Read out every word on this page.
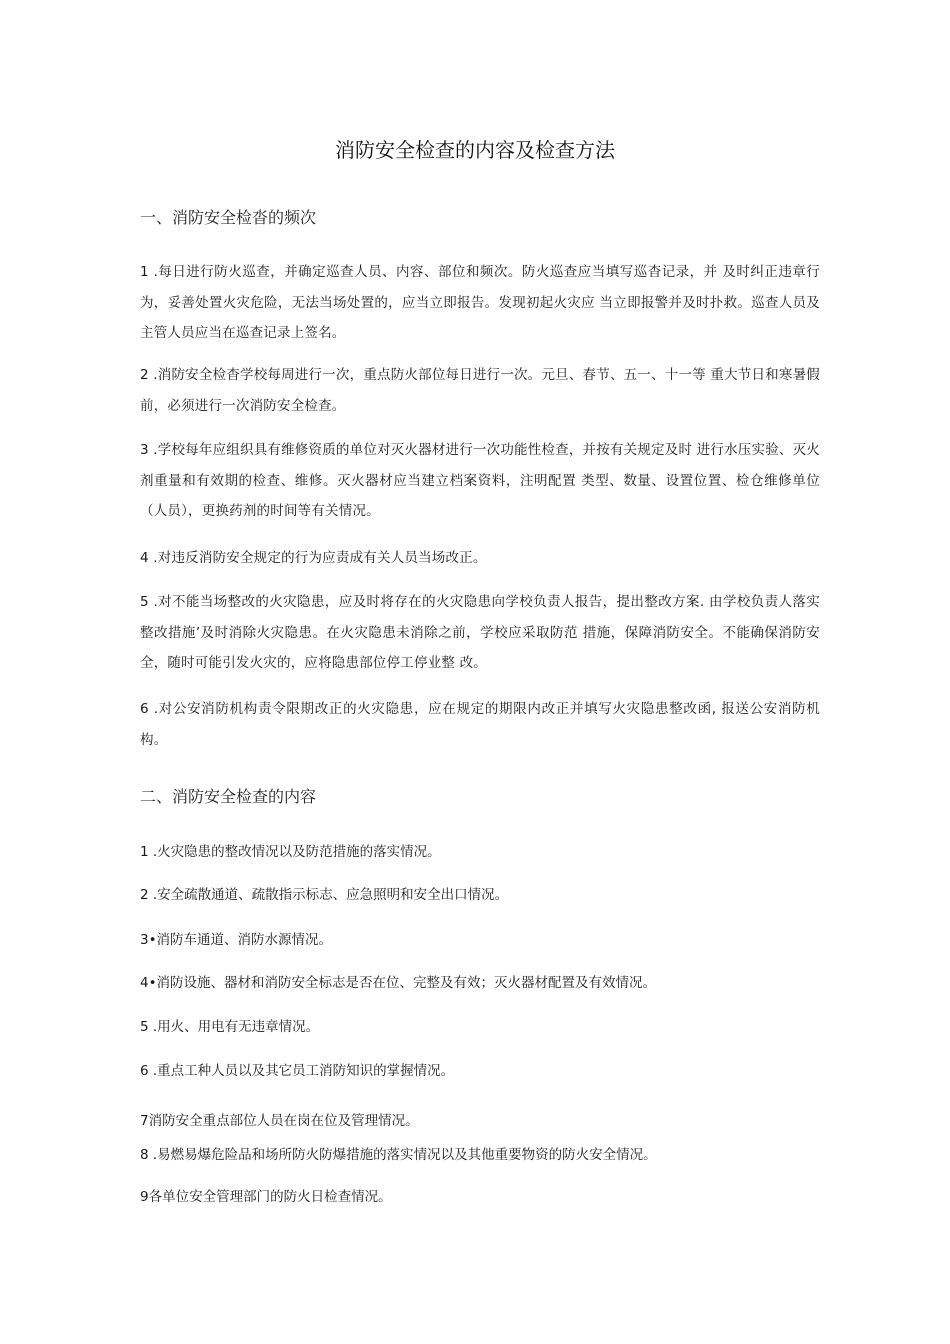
消防安全检查的内容及检查方法
一、消防安全检沓的频次
1 .每日进行防火巡查，并确定巡查人员、内容、部位和频次。防火巡查应当填写巡杳记录，并 及时纠正违章行为，妥善处置火灾危险，无法当场处置的，应当立即报告。发现初起火灾应 当立即报警并及时扑救。巡查人员及主管人员应当在巡查记录上签名。
2 .消防安全检杳学校每周进行一次，重点防火部位每日进行一次。元旦、春节、五一、十一等 重大节日和寒暑假前，必须进行一次消防安全检查。
3 .学校每年应组织具有维修资质的单位对灭火器材进行一次功能性检查，并按有关规定及时 进行水压实验、灭火剂重量和有效期的检查、维修。灭火器材应当建立档案资料，注明配置 类型、数量、设置位置、检仓维修单位（人员），更换药剂的时间等有关情况。
4 .对违反消防安全规定的行为应责成有关人员当场改正。
5 .对不能当场整改的火灾隐患，应及时将存在的火灾隐患向学校负责人报告，提出整改方案. 由学校负责人落实整改措施’及时消除火灾隐患。在火灾隐患未消除之前，学校应采取防范 措施，保障消防安全。不能确保消防安全，随时可能引发火灾的，应将隐患部位停工停业整 改。
6 .对公安消防机构责令限期改正的火灾隐患，应在规定的期限内改正并填写火灾隐患整改函, 报送公安消防机构。
二、消防安全检查的内容
1 .火灾隐患的整改情况以及防范措施的落实情况。
2 .安全疏散通道、疏散指示标志、应急照明和安全出口情况。
3•消防车通道、消防水源情况。
4•消防设施、器材和消防安全标志是否在位、完整及有效；灭火器材配置及有效情况。
5 .用火、用电有无违章情况。
6 .重点工种人员以及其它员工消防知识的掌握情况。
7消防安全重点部位人员在岗在位及管理情况。
8 .易燃易爆危险品和场所防火防爆措施的落实情况以及其他重要物资的防火安全情况。
9各单位安全管理部门的防火日检查情况。
